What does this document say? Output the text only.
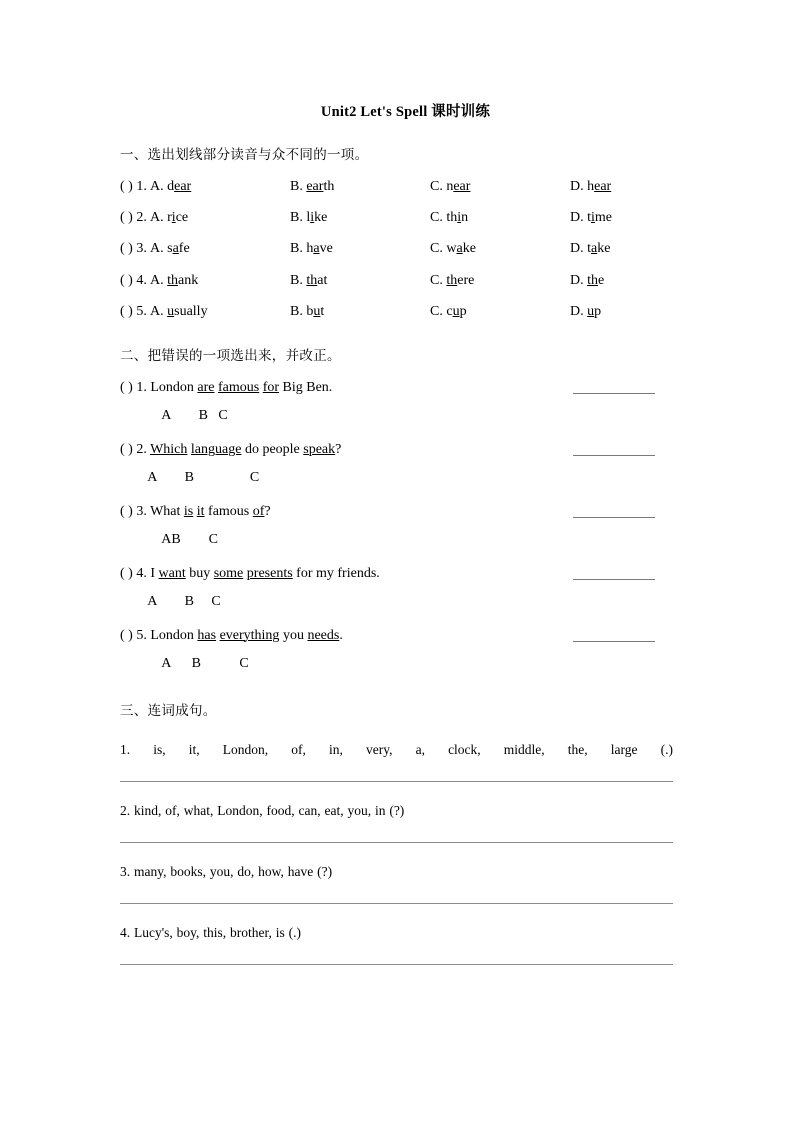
Unit2 Let's Spell 课时训练
一、选出划线部分读音与众不同的一项。
( ) 1. A. dear	B. earth	C. near	D. hear
( ) 2. A. rice	B. like	C. thin	D. time
( ) 3. A. safe	B. have	C. wake	D. take
( ) 4. A. thank	B. that	C. there	D. the
( ) 5. A. usually	B. but	C. cup	D. up
二、把错误的一项选出来，并改正。
( ) 1. London are famous for Big Ben.
A        B   C
( ) 2. Which language do people speak?
A        B                C
( ) 3. What is it famous of?
AB        C
( ) 4. I want buy some presents for my friends.
A        B     C
( ) 5. London has everything you needs.
A      B           C
三、连词成句。
1. is, it, London, of, in, very, a, clock, middle, the, large (.)
2. kind, of, what, London, food, can, eat, you, in (?)
3. many, books, you, do, how, have (?)
4. Lucy's, boy, this, brother, is (.)
